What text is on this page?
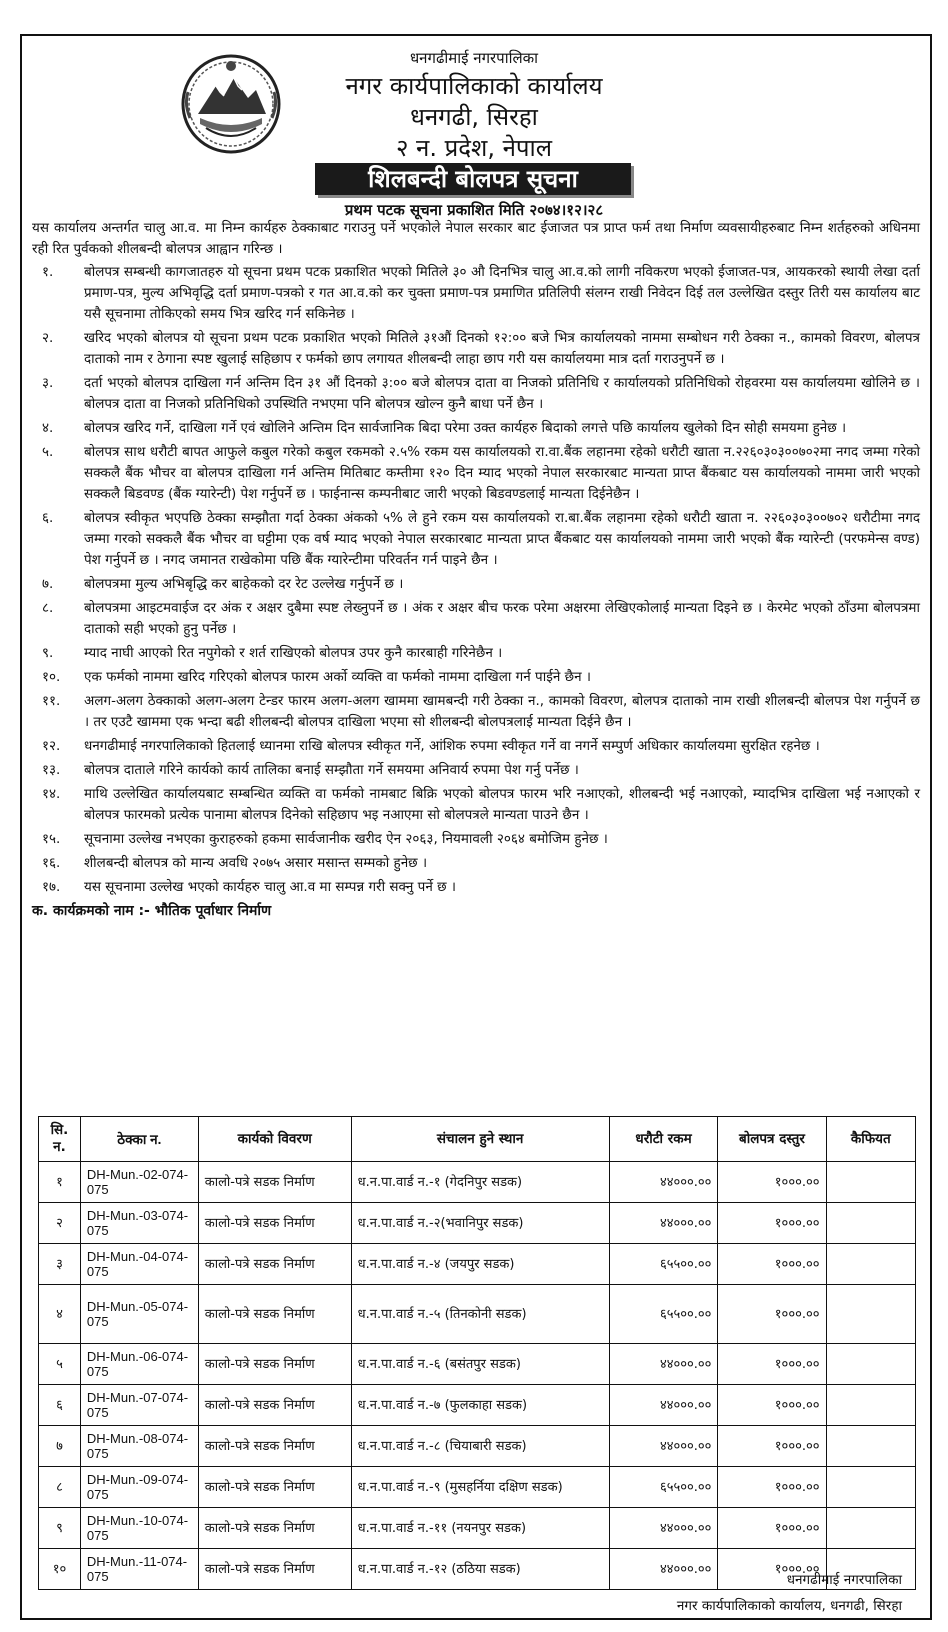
धनगढीमाई नगरपालिका
नगर कार्यपालिकाको कार्यालय
धनगढी, सिरहा
२ न. प्रदेश, नेपाल
शिलबन्दी बोलपत्र सूचना
प्रथम पटक सूचना प्रकाशित मिति २०७४।१२।२८

यस कार्यालय अन्तर्गत चालु आ.व. मा निम्न कार्यहरु ठेक्काबाट गराउनु पर्ने भएकोले नेपाल सरकार बाट ईजाजत पत्र प्राप्त फर्म तथा निर्माण व्यवसायीहरुबाट निम्न शर्तहरुको अधिनमा रही रित पुर्वकको शीलबन्दी बोलपत्र आह्वान गरिन्छ ।

१.	बोलपत्र सम्बन्धी कागजातहरु यो सूचना प्रथम पटक प्रकाशित भएको मितिले ३० औ दिनभित्र चालु आ.व.को लागी नविकरण भएको ईजाजत-पत्र, आयकरको स्थायी लेखा दर्ता प्रमाण-पत्र, मुल्य अभिवृद्धि दर्ता प्रमाण-पत्रको र गत आ.व.को कर चुक्ता प्रमाण-पत्र प्रमाणित प्रतिलिपी संलग्न राखी निवेदन दिई तल उल्लेखित दस्तुर तिरी यस कार्यालय बाट यसै सूचनामा तोकिएको समय भित्र खरिद गर्न सकिनेछ ।
२.	खरिद भएको बोलपत्र यो सूचना प्रथम पटक प्रकाशित भएको मितिले ३१औं दिनको १२:०० बजे भित्र कार्यालयको नाममा सम्बोधन गरी ठेक्का न., कामको विवरण, बोलपत्र दाताको नाम र ठेगाना स्पष्ट खुलाई सहिछाप र फर्मको छाप लगायत शीलबन्दी लाहा छाप गरी यस कार्यालयमा मात्र दर्ता गराउनुपर्ने छ ।
३.	दर्ता भएको बोलपत्र दाखिला गर्न अन्तिम दिन ३१ औं दिनको ३:०० बजे बोलपत्र दाता वा निजको प्रतिनिधि र कार्यालयको प्रतिनिधिको रोहवरमा यस कार्यालयमा खोलिने छ । बोलपत्र दाता वा निजको प्रतिनिधिको उपस्थिति नभएमा पनि बोलपत्र खोल्न कुनै बाधा पर्ने छैन ।
४.	बोलपत्र खरिद गर्ने, दाखिला गर्ने एवं खोलिने अन्तिम दिन सार्वजानिक बिदा परेमा उक्त कार्यहरु बिदाको लगत्ते पछि कार्यालय खुलेको दिन सोही समयमा हुनेछ ।
५.	बोलपत्र साथ धरौटी बापत आफुले कबुल गरेको कबुल रकमको २.५% रकम यस कार्यालयको रा.वा.बैंक लहानमा रहेको धरौटी खाता न.२२६०३०३००७०२मा नगद जम्मा गरेको सक्कलै बैंक भौचर वा बोलपत्र दाखिला गर्न अन्तिम मितिबाट कम्तीमा १२० दिन म्याद भएको नेपाल सरकारबाट मान्यता प्राप्त बैंकबाट यस कार्यालयको नाममा जारी भएको सक्कलै बिडवण्ड (बैंक ग्यारेन्टी) पेश गर्नुपर्ने छ । फाईनान्स कम्पनीबाट जारी भएको बिडवण्डलाई मान्यता दिईनेछैन ।
६.	बोलपत्र स्वीकृत भएपछि ठेक्का सम्झौता गर्दा ठेक्का अंकको ५% ले हुने रकम यस कार्यालयको रा.बा.बैंक लहानमा रहेको धरौटी खाता न. २२६०३०३००७०२ धरौटीमा नगद जम्मा गरको सक्कलै बैंक भौचर वा घट्टीमा एक वर्ष म्याद भएको नेपाल सरकारबाट मान्यता प्राप्त बैंकबाट यस कार्यालयको नाममा जारी भएको बैंक ग्यारेन्टी (परफमेन्स वण्ड) पेश गर्नुपर्ने छ । नगद जमानत राखेकोमा पछि बैंक ग्यारेन्टीमा परिवर्तन गर्न पाइने छैन ।
७.	बोलपत्रमा मुल्य अभिबृद्धि कर बाहेकको दर रेट उल्लेख गर्नुपर्ने छ ।
८.	बोलपत्रमा आइटमवाईज दर अंक र अक्षर दुबैमा स्पष्ट लेख्नुपर्ने छ । अंक र अक्षर बीच फरक परेमा अक्षरमा लेखिएकोलाई मान्यता दिइने छ । केरमेट भएको ठाँउमा बोलपत्रमा दाताको सही भएको हुनु पर्नेछ ।
९.	म्याद नाघी आएको रित नपुगेको र शर्त राखिएको बोलपत्र उपर कुनै कारबाही गरिनेछैन ।
१०.	एक फर्मको नाममा खरिद गरिएको बोलपत्र फारम अर्को व्यक्ति वा फर्मको नाममा दाखिला गर्न पाईने छैन ।
११.	अलग-अलग ठेक्काको अलग-अलग टेन्डर फारम अलग-अलग खाममा खामबन्दी गरी ठेक्का न., कामको विवरण, बोलपत्र दाताको नाम राखी शीलबन्दी बोलपत्र पेश गर्नुपर्ने छ । तर एउटै खाममा एक भन्दा बढी शीलबन्दी बोलपत्र दाखिला भएमा सो शीलबन्दी बोलपत्रलाई मान्यता दिईने छैन ।
१२.	धनगढीमाई नगरपालिकाको हितलाई ध्यानमा राखि बोलपत्र स्वीकृत गर्ने, आंशिक रुपमा स्वीकृत गर्ने वा नगर्ने सम्पुर्ण अधिकार कार्यालयमा सुरक्षित रहनेछ ।
१३.	बोलपत्र दाताले गरिने कार्यको कार्य तालिका बनाई सम्झौता गर्ने समयमा अनिवार्य रुपमा पेश गर्नु पर्नेछ ।
१४.	माथि उल्लेखित कार्यालयबाट सम्बन्धित व्यक्ति वा फर्मको नामबाट बिक्रि भएको बोलपत्र फारम भरि नआएको, शीलबन्दी भई नआएको, म्यादभित्र दाखिला भई नआएको र बोलपत्र फारमको प्रत्येक पानामा बोलपत्र दिनेको सहिछाप भइ नआएमा सो बोलपत्रले मान्यता पाउने छैन ।
१५.	सूचनामा उल्लेख नभएका कुराहरुको हकमा सार्वजानीक खरीद ऐन २०६३, नियमावली २०६४ बमोजिम हुनेछ ।
१६.	शीलबन्दी बोलपत्र को मान्य अवधि २०७५ असार मसान्त सम्मको हुनेछ ।
१७.	यस सूचनामा उल्लेख भएको कार्यहरु चालु आ.व मा सम्पन्न गरी सक्नु पर्ने छ ।
क. कार्यक्रमको नाम :- भौतिक पूर्वाधार निर्माण
सि. न.	ठेक्का न.	कार्यको विवरण	संचालन हुने स्थान	धरौटी रकम	बोलपत्र दस्तुर	कैफियत
१	DH-Mun.-02-074-075	कालो-पत्रे सडक निर्माण	ध.न.पा.वार्ड न.-१ (गेदनिपुर सडक)	४४०००.००	१०००.००	
२	DH-Mun.-03-074-075	कालो-पत्रे सडक निर्माण	ध.न.पा.वार्ड न.-२(भवानिपुर सडक)	४४०००.००	१०००.००	
३	DH-Mun.-04-074-075	कालो-पत्रे सडक निर्माण	ध.न.पा.वार्ड न.-४ (जयपुर सडक)	६५५००.००	१०००.००	
४	DH-Mun.-05-074-075	कालो-पत्रे सडक निर्माण	ध.न.पा.वार्ड न.-५ (तिनकोनी सडक)	६५५००.००	१०००.००	
५	DH-Mun.-06-074-075	कालो-पत्रे सडक निर्माण	ध.न.पा.वार्ड न.-६ (बसंतपुर सडक)	४४०००.००	१०००.००	
६	DH-Mun.-07-074-075	कालो-पत्रे सडक निर्माण	ध.न.पा.वार्ड न.-७ (फुलकाहा सडक)	४४०००.००	१०००.००	
७	DH-Mun.-08-074-075	कालो-पत्रे सडक निर्माण	ध.न.पा.वार्ड न.-८ (चियाबारी सडक)	४४०००.००	१०००.००	
८	DH-Mun.-09-074-075	कालो-पत्रे सडक निर्माण	ध.न.पा.वार्ड न.-९ (मुसहर्निया दक्षिण सडक)	६५५००.००	१०००.००	
९	DH-Mun.-10-074-075	कालो-पत्रे सडक निर्माण	ध.न.पा.वार्ड न.-११ (नयनपुर सडक)	४४०००.००	१०००.००	
१०	DH-Mun.-11-074-075	कालो-पत्रे सडक निर्माण	ध.न.पा.वार्ड न.-१२ (ठठिया सडक)	४४०००.००	१०००.००	
धनगढीमाई नगरपालिका
नगर कार्यपालिकाको कार्यालय, धनगढी, सिरहा
